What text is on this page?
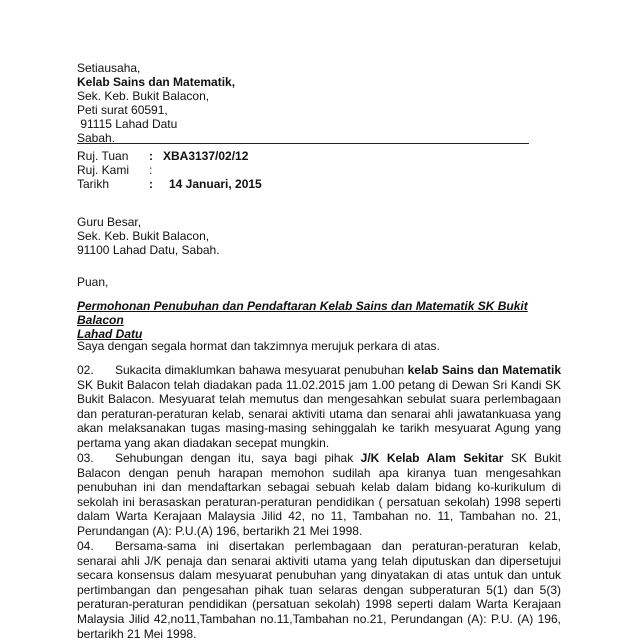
Setiausaha,
Kelab Sains dan Matematik,
Sek. Keb. Bukit Balacon,
Peti surat 60591,
91115 Lahad Datu
Sabah.
Ruj. Tuan : XBA3137/02/12
Ruj. Kami :
Tarikh	: 14 Januari, 2015
Guru Besar,
Sek. Keb. Bukit Balacon,
91100 Lahad Datu, Sabah.
Puan,
Permohonan Penubuhan dan Pendaftaran Kelab Sains dan Matematik SK Bukit Balacon
Lahad Datu
Saya dengan segala hormat dan takzimnya merujuk perkara di atas.
02. Sukacita dimaklumkan bahawa mesyuarat penubuhan kelab Sains dan Matematik SK Bukit Balacon telah diadakan pada 11.02.2015 jam 1.00 petang di Dewan Sri Kandi SK Bukit Balacon. Mesyuarat telah memutus dan mengesahkan sebulat suara perlembagaan dan peraturan-peraturan kelab, senarai aktiviti utama dan senarai ahli jawatankuasa yang akan melaksanakan tugas masing-masing sehinggalah ke tarikh mesyuarat Agung yang pertama yang akan diadakan secepat mungkin.
03. Sehubungan dengan itu, saya bagi pihak J/K Kelab Alam Sekitar SK Bukit Balacon dengan penuh harapan memohon sudilah apa kiranya tuan mengesahkan penubuhan ini dan mendaftarkan sebagai sebuah kelab dalam bidang ko-kurikulum di sekolah ini berasaskan peraturan-peraturan pendidikan ( persatuan sekolah) 1998 seperti dalam Warta Kerajaan Malaysia Jilid 42, no 11, Tambahan no. 11, Tambahan no. 21, Perundangan (A): P.U.(A) 196, bertarikh 21 Mei 1998.
04. Bersama-sama ini disertakan perlembagaan dan peraturan-peraturan kelab, senarai ahli J/K penaja dan senarai aktiviti utama yang telah diputuskan dan dipersetujui secara konsensus dalam mesyuarat penubuhan yang dinyatakan di atas untuk dan untuk pertimbangan dan pengesahan pihak tuan selaras dengan subperaturan 5(1) dan 5(3) peraturan-peraturan pendidikan (persatuan sekolah) 1998 seperti dalam Warta Kerajaan Malaysia Jilid 42,no11,Tambahan no.11,Tambahan no.21, Perundangan (A): P.U. (A) 196, bertarikh 21 Mei 1998.
